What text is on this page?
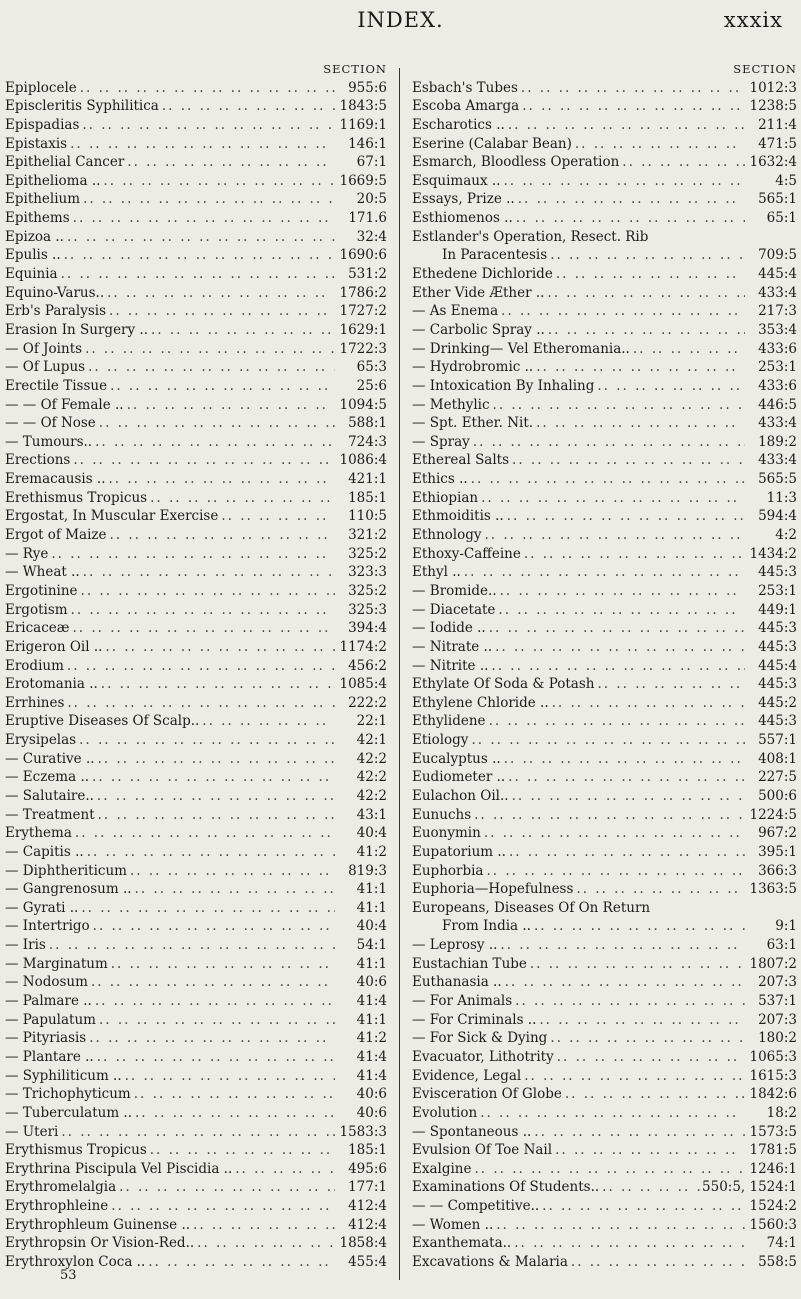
INDEX.	xxxix
SECTION
Epiplocele .. .	955:6
Episcleritis Syphilitica .. .	1843:5
Epispadias .. .	1169:1
Epistaxis .. .	146:1
Epithelial Cancer .. .	67:1
Epithelioma .. .. .	1669:5
Epithelium .. .	20:5
Epithems .. .	171.6
Epizoa .. .. .	32:4
Epulis .. .. .	1690:6
Equinia .. .	531:2
Equino-Varus.. .. .	1786:2
Erb's Paralysis .. .	1727:2
Erasion In Surgery .. .. .	1629:1
— Of Joints .. .	1722:3
— Of Lupus .. .	65:3
Erectile Tissue .. .	25:6
— — Of Female .. .. .	1094:5
— — Of Nose .. .	588:1
— Tumours.. .. .	724:3
Erections .. .	1086:4
Eremacausis .. .. .	421:1
Erethismus Tropicus .. .	185:1
Ergostat, In Muscular Exercise .. .	110:5
Ergot of Maize .. .	321:2
— Rye .. .	325:2
— Wheat .. .. .	323:3
Ergotinine .. .	325:2
Ergotism .. .	325:3
Ericaceæ .. .	394:4
Erigeron Oil .. .. .	1174:2
Erodium .. .	456:2
Erotomania .. .. .	1085:4
Errhines .. .	222:2
Eruptive Diseases Of Scalp.. .. .	22:1
Erysipelas .. .	42:1
— Curative .. .. .	42:2
— Eczema .. .. .	42:2
— Salutaire.. .. .	42:2
— Treatment .. .	43:1
Erythema .. .	40:4
— Capitis .. .. .	41:2
— Diphtheriticum .. .	819:3
— Gangrenosum .. .. .	41:1
— Gyrati .. .. .	41:1
— Intertrigo .. .	40:4
— Iris .. .	54:1
— Marginatum .. .	41:1
— Nodosum .. .	40:6
— Palmare .. .. .	41:4
— Papulatum .. .	41:1
— Pityriasis .. .	41:2
— Plantare .. .. .	41:4
— Syphiliticum .. .. .	41:4
— Trichophyticum .. .	40:6
— Tuberculatum .. .. .	40:6
— Uteri .. .	1583:3
Erythismus Tropicus .. .	185:1
Erythrina Piscipula Vel Piscidia .. .. .	495:6
Erythromelalgia .. .	177:1
Erythrophleine .. .	412:4
Erythrophleum Guinense .. .. .	412:4
Erythropsin Or Vision-Red.. .. .	1858:4
Erythroxylon Coca .. .. .	455:4
SECTION
Esbach's Tubes .. .	1012:3
Escoba Amarga .. .	1238:5
Escharotics .. .. .	211:4
Eserine (Calabar Bean) .. .	471:5
Esmarch, Bloodless Operation .. .	1632:4
Esquimaux .. .. .	4:5
Essays, Prize .. .. .	565:1
Esthiomenos .. .. .	65:1
Estlander's Operation, Resect. Rib
In Paracentesis .. .	709:5
Ethedene Dichloride .. .	445:4
Ether Vide Æther .. .. .	433:4
— As Enema .. .	217:3
— Carbolic Spray .. .. .	353:4
— Drinking— Vel Etheromania.. .. .	433:6
— Hydrobromic .. .. .	253:1
— Intoxication By Inhaling .. .	433:6
— Methylic .. .	446:5
— Spt. Ether. Nit. .. .	433:4
— Spray .. .	189:2
Ethereal Salts .. .	433:4
Ethics .. .. .	565:5
Ethiopian .. .	11:3
Ethmoiditis .. .. .	594:4
Ethnology .. .	4:2
Ethoxy-Caffeine .. .	1434:2
Ethyl .. .. .	445:3
— Bromide.. .. .	253:1
— Diacetate .. .	449:1
— Iodide .. .. .	445:3
— Nitrate .. .. .	445:3
— Nitrite .. .. .	445:4
Ethylate Of Soda & Potash .. .	445:3
Ethylene Chloride .. .. .	445:2
Ethylidene .. .	445:3
Etiology .. .	557:1
Eucalyptus .. .. .	408:1
Eudiometer .. .. .	227:5
Eulachon Oil.. .. .	500:6
Eunuchs .. .	1224:5
Euonymin .. .	967:2
Eupatorium .. .. .	395:1
Euphorbia .. .	366:3
Euphoria—Hopefulness .. .	1363:5
Europeans, Diseases Of On Return
From India .. .. .	9:1
— Leprosy .. .. .	63:1
Eustachian Tube .. .	1807:2
Euthanasia .. .. .	207:3
— For Animals .. .	537:1
— For Criminals .. .. .	207:3
— For Sick & Dying .. .	180:2
Evacuator, Lithotrity .. .	1065:3
Evidence, Legal .. .	1615:3
Evisceration Of Globe .. .	1842:6
Evolution .. .	18:2
— Spontaneous .. .. .	1573:5
Evulsion Of Toe Nail .. .	1781:5
Exalgine .. .	1246:1
Examinations Of Students.. .. .	550:5, 1524:1
— — Competitive.. .. .	1524:2
— Women .. .. .	1560:3
Exanthemata.. .. .	74:1
Excavations & Malaria .. .	558:5
53
